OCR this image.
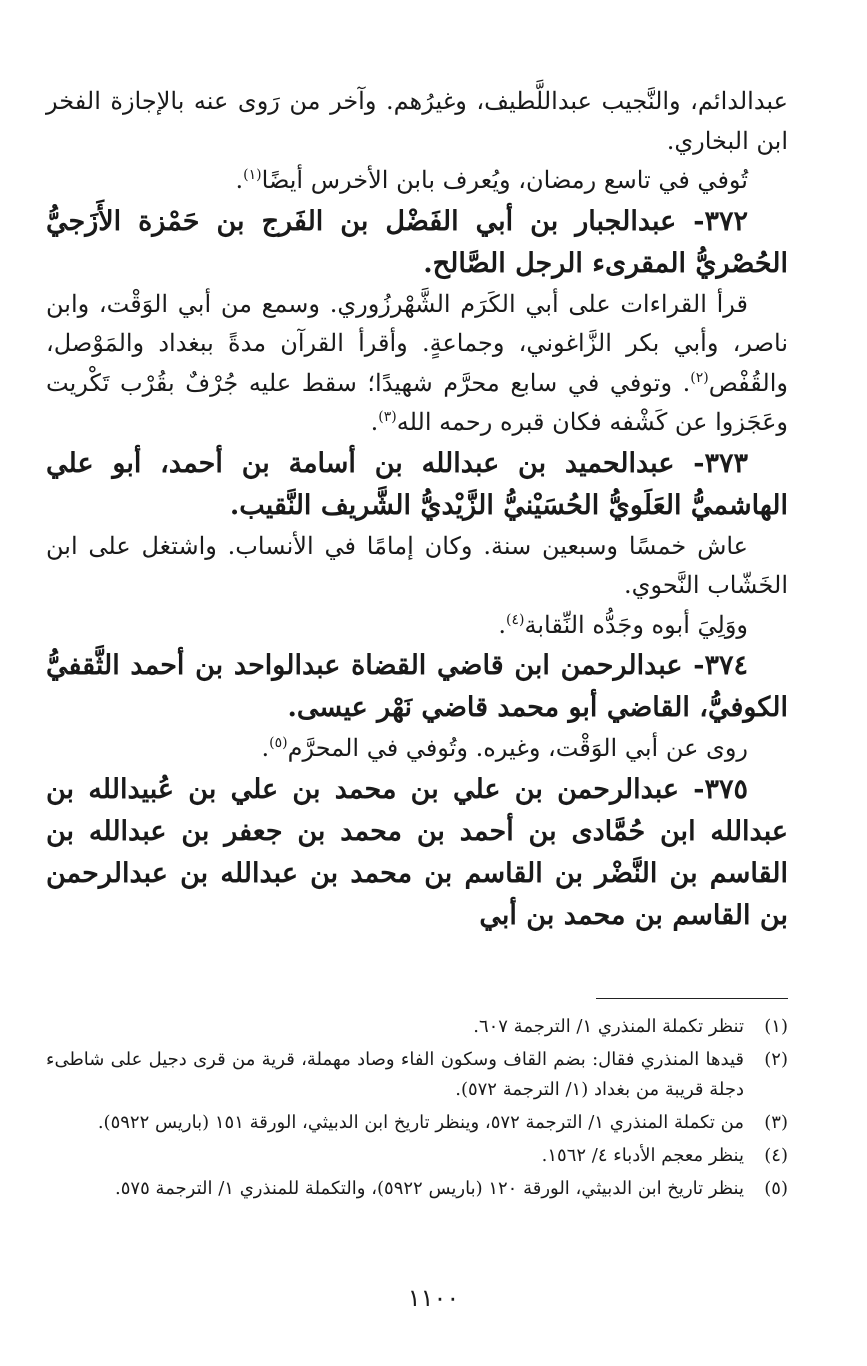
عبدالدائم، والنَّجيب عبداللَّطيف، وغيرُهم. وآخر من رَوى عنه بالإجازة الفخر ابن البخاري.

تُوفي في تاسع رمضان، ويُعرف بابن الأخرس أيضًا$^{(١)}$.

٣٧٢- عبدالجبار بن أبي الفَضْل بن الفَرج بن حَمْزة الأَزَجيُّ الحُصْريُّ المقرىء الرجل الصَّالح.

قرأ القراءات على أبي الكَرَم الشَّهْرزُوري. وسمع من أبي الوَقْت، وابن ناصر، وأبي بكر الزَّاغوني، وجماعةٍ. وأقرأ القرآن مدةً ببغداد والمَوْصل، والقُفْص$^{(٢)}$. وتوفي في سابع محرَّم شهيدًا؛ سقط عليه جُرْفٌ بقُرْب تَكْريت وعَجَزوا عن كَشْفه فكان قبره رحمه الله$^{(٣)}$.

٣٧٣- عبدالحميد بن عبدالله بن أسامة بن أحمد، أبو علي الهاشميُّ العَلَويُّ الحُسَيْنيُّ الزَّيْديُّ الشَّريف النَّقيب.

عاش خمسًا وسبعين سنة. وكان إمامًا في الأنساب. واشتغل على ابن الخَشّاب النَّحوي.

ووَلِيَ أبوه وجَدُّه النِّقابة$^{(٤)}$.

٣٧٤- عبدالرحمن ابن قاضي القضاة عبدالواحد بن أحمد الثَّقفيُّ الكوفيُّ، القاضي أبو محمد قاضي نَهْر عيسى.

روى عن أبي الوَقْت، وغيره. وتُوفي في المحرَّم$^{(٥)}$.

٣٧٥- عبدالرحمن بن علي بن محمد بن علي بن عُبيدالله بن عبدالله ابن حُمَّادى بن أحمد بن محمد بن جعفر بن عبدالله بن القاسم بن النَّضْر بن القاسم بن محمد بن عبدالله بن عبدالرحمن بن القاسم بن محمد بن أبي

(١)
تنظر تكملة المنذري ١/ الترجمة ٦٠٧.
(٢)
قيدها المنذري فقال: بضم القاف وسكون الفاء وصاد مهملة، قرية من قرى دجيل على شاطىء دجلة قريبة من بغداد (١/ الترجمة ٥٧٢).
(٣)
من تكملة المنذري ١/ الترجمة ٥٧٢، وينظر تاريخ ابن الدبيثي، الورقة ١٥١ (باريس ٥٩٢٢).
(٤)
ينظر معجم الأدباء ٤/ ١٥٦٢.
(٥)
ينظر تاريخ ابن الدبيثي، الورقة ١٢٠ (باريس ٥٩٢٢)، والتكملة للمنذري ١/ الترجمة ٥٧٥.
١١٠٠
